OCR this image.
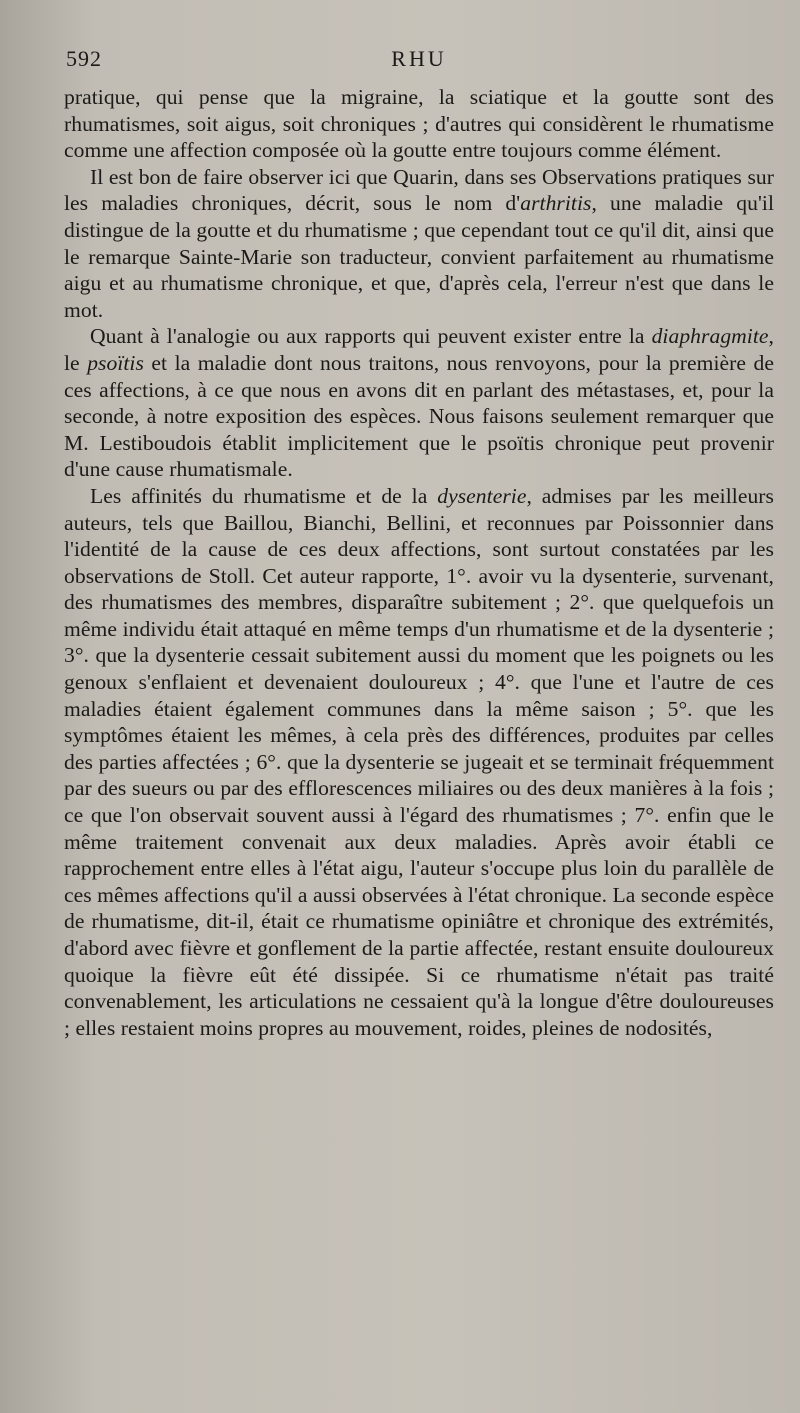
592	RHU

pratique, qui pense que la migraine, la sciatique et la goutte sont des rhumatismes, soit aigus, soit chroniques ; d'autres qui considèrent le rhumatisme comme une affection composée où la goutte entre toujours comme élément.

Il est bon de faire observer ici que Quarin, dans ses Observations pratiques sur les maladies chroniques, décrit, sous le nom d'arthritis, une maladie qu'il distingue de la goutte et du rhumatisme ; que cependant tout ce qu'il dit, ainsi que le remarque Sainte-Marie son traducteur, convient parfaitement au rhumatisme aigu et au rhumatisme chronique, et que, d'après cela, l'erreur n'est que dans le mot.

Quant à l'analogie ou aux rapports qui peuvent exister entre la diaphragmite, le psoïtis et la maladie dont nous traitons, nous renvoyons, pour la première de ces affections, à ce que nous en avons dit en parlant des métastases, et, pour la seconde, à notre exposition des espèces. Nous faisons seulement remarquer que M. Lestiboudois établit implicitement que le psoïtis chronique peut provenir d'une cause rhumatismale.

Les affinités du rhumatisme et de la dysenterie, admises par les meilleurs auteurs, tels que Baillou, Bianchi, Bellini, et reconnues par Poissonnier dans l'identité de la cause de ces deux affections, sont surtout constatées par les observations de Stoll. Cet auteur rapporte, 1°. avoir vu la dysenterie, survenant, des rhumatismes des membres, disparaître subitement ; 2°. que quelquefois un même individu était attaqué en même temps d'un rhumatisme et de la dysenterie ; 3°. que la dysenterie cessait subitement aussi du moment que les poignets ou les genoux s'enflaient et devenaient douloureux ; 4°. que l'une et l'autre de ces maladies étaient également communes dans la même saison ; 5°. que les symptômes étaient les mêmes, à cela près des différences, produites par celles des parties affectées ; 6°. que la dysenterie se jugeait et se terminait fréquemment par des sueurs ou par des efflorescences miliaires ou des deux manières à la fois ; ce que l'on observait souvent aussi à l'égard des rhumatismes ; 7°. enfin que le même traitement convenait aux deux maladies. Après avoir établi ce rapprochement entre elles à l'état aigu, l'auteur s'occupe plus loin du parallèle de ces mêmes affections qu'il a aussi observées à l'état chronique. La seconde espèce de rhumatisme, dit-il, était ce rhumatisme opiniâtre et chronique des extrémités, d'abord avec fièvre et gonflement de la partie affectée, restant ensuite douloureux quoique la fièvre eût été dissipée. Si ce rhumatisme n'était pas traité convenablement, les articulations ne cessaient qu'à la longue d'être douloureuses ; elles restaient moins propres au mouvement, roides, pleines de nodosités,
